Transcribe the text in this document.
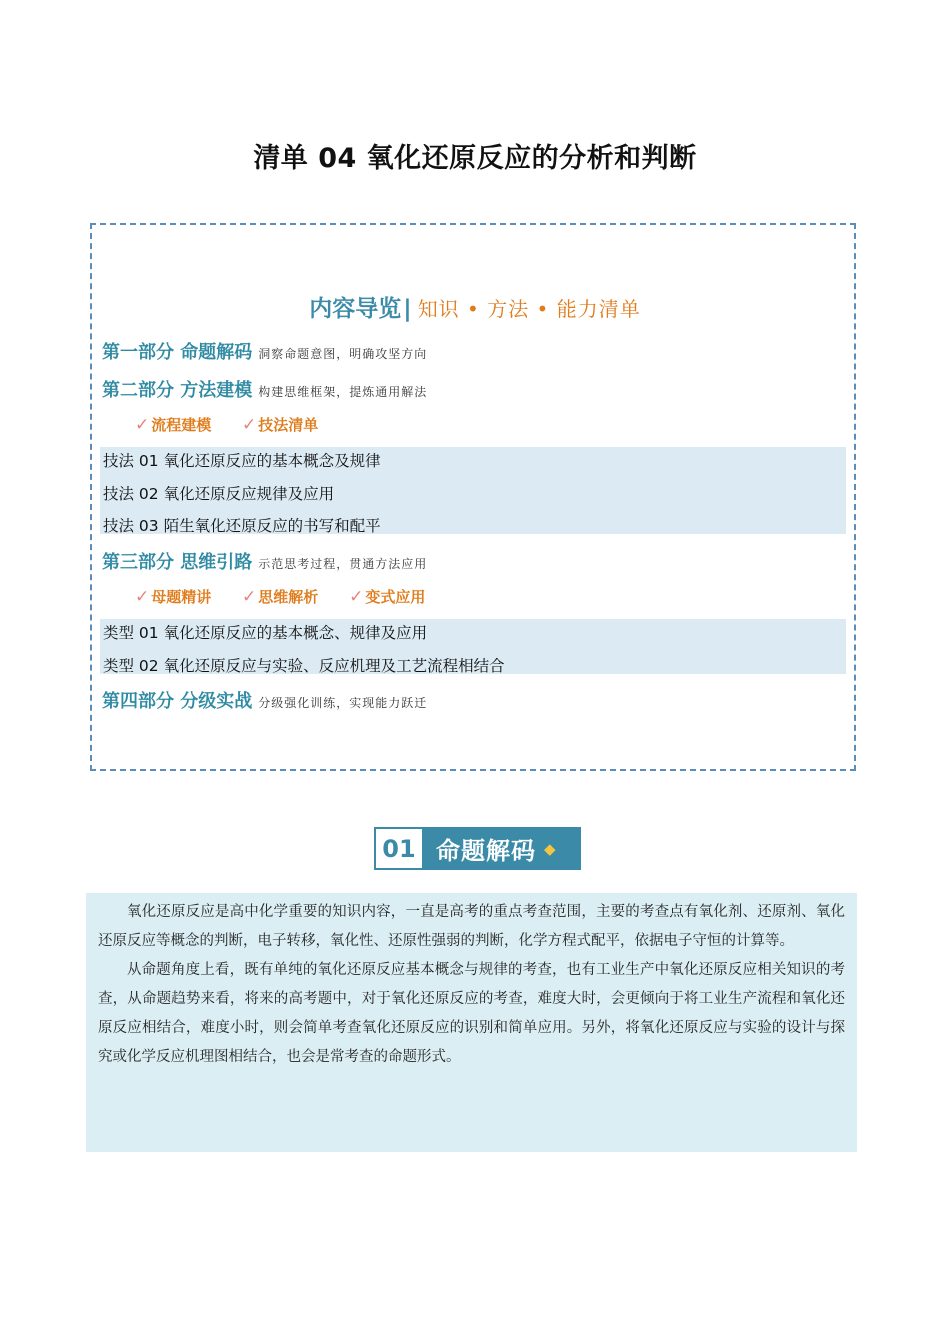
清单 04 氧化还原反应的分析和判断
内容导览| 知识 • 方法 • 能力清单
第一部分 命题解码 洞察命题意图，明确攻坚方向
第二部分 方法建模 构建思维框架，提炼通用解法
✓ 流程建模 ✓ 技法清单
技法 01 氧化还原反应的基本概念及规律
技法 02 氧化还原反应规律及应用
技法 03 陌生氧化还原反应的书写和配平
第三部分 思维引路 示范思考过程，贯通方法应用
✓ 母题精讲 ✓ 思维解析 ✓ 变式应用
类型 01 氧化还原反应的基本概念、规律及应用
类型 02 氧化还原反应与实验、反应机理及工艺流程相结合
第四部分 分级实战 分级强化训练，实现能力跃迁
01 命题解码 ◆

氧化还原反应是高中化学重要的知识内容，一直是高考的重点考查范围，主要的考查点有氧化剂、还原剂、氧化还原反应等概念的判断，电子转移，氧化性、还原性强弱的判断，化学方程式配平，依据电子守恒的计算等。

从命题角度上看，既有单纯的氧化还原反应基本概念与规律的考查，也有工业生产中氧化还原反应相关知识的考查，从命题趋势来看，将来的高考题中，对于氧化还原反应的考查，难度大时，会更倾向于将工业生产流程和氧化还原反应相结合，难度小时，则会简单考查氧化还原反应的识别和简单应用。另外，将氧化还原反应与实验的设计与探究或化学反应机理图相结合，也会是常考查的命题形式。
